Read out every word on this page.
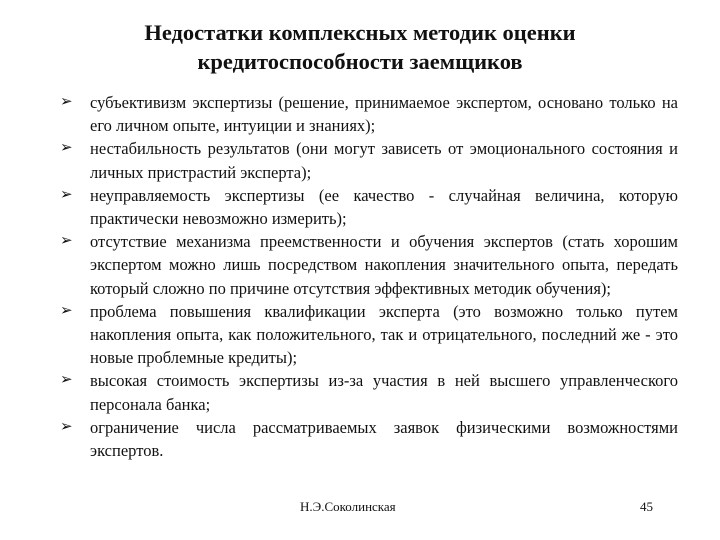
Недостатки комплексных методик оценки
кредитоспособности заемщиков
➢ субъективизм экспертизы (решение, принимаемое экспертом, основано только на его личном опыте, интуиции и знаниях);
➢ нестабильность результатов (они могут зависеть от эмоционального состояния и личных пристрастий эксперта);
➢ неуправляемость экспертизы (ее качество - случайная величина, которую практически невозможно измерить);
➢ отсутствие механизма преемственности и обучения экспертов (стать хорошим экспертом можно лишь посредством накопления значительного опыта, передать который сложно по причине отсутствия эффективных методик обучения);
➢ проблема повышения квалификации эксперта (это возможно только путем накопления опыта, как положительного, так и отрицательного, последний же - это новые проблемные кредиты);
➢ высокая стоимость экспертизы из-за участия в ней высшего управленческого персонала банка;
➢ ограничение числа рассматриваемых заявок физическими возможностями экспертов.
Н.Э.Соколинская	45
